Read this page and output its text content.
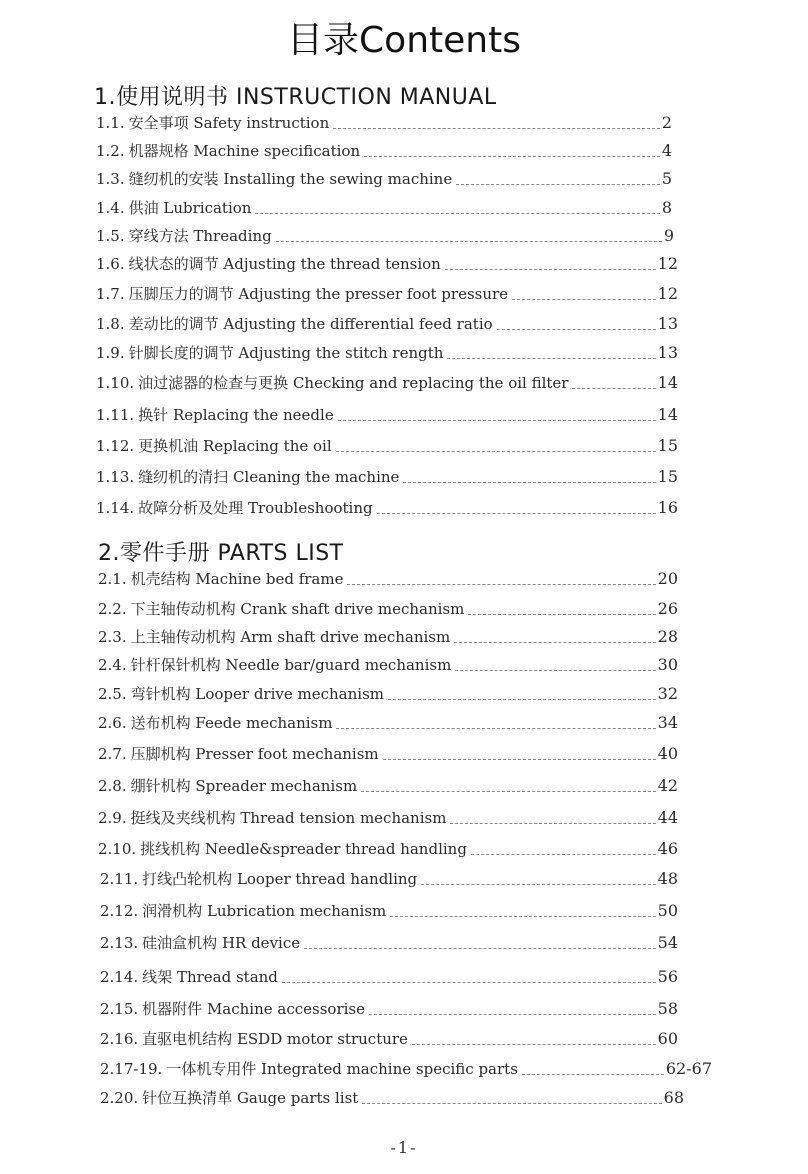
目录Contents
1.使用说明书 INSTRUCTION MANUAL
1.1. 安全事项 Safety instruction	2
1.2. 机器规格 Machine specification	4
1.3. 缝纫机的安装 Installing the sewing machine	5
1.4. 供油 Lubrication	8
1.5. 穿线方法 Threading	9
1.6. 线状态的调节 Adjusting the thread tension	12
1.7. 压脚压力的调节 Adjusting the presser foot pressure	12
1.8. 差动比的调节 Adjusting the differential feed ratio	13
1.9. 针脚长度的调节 Adjusting the stitch rength	13
1.10. 油过滤器的检查与更换 Checking and replacing the oil filter	14
1.11. 换针 Replacing the needle	14
1.12. 更换机油 Replacing the oil	15
1.13. 缝纫机的清扫 Cleaning the machine	15
1.14. 故障分析及处理 Troubleshooting	16
2.零件手册 PARTS LIST
2.1. 机壳结构 Machine bed frame	20
2.2. 下主轴传动机构 Crank shaft drive mechanism	26
2.3. 上主轴传动机构 Arm shaft drive mechanism	28
2.4. 针杆保针机构 Needle bar/guard mechanism	30
2.5. 弯针机构 Looper drive mechanism	32
2.6. 送布机构 Feede mechanism	34
2.7. 压脚机构 Presser foot mechanism	40
2.8. 绷针机构 Spreader mechanism	42
2.9. 挺线及夹线机构 Thread tension mechanism	44
2.10. 挑线机构 Needle&spreader thread handling	46
2.11. 打线凸轮机构 Looper thread handling	48
2.12. 润滑机构 Lubrication mechanism	50
2.13. 硅油盒机构 HR device	54
2.14. 线架 Thread stand	56
2.15. 机器附件 Machine accessorise	58
2.16. 直驱电机结构 ESDD motor structure	60
2.17-19. 一体机专用件 Integrated machine specific parts	62-67
2.20. 针位互换清单 Gauge parts list	68
-1-
